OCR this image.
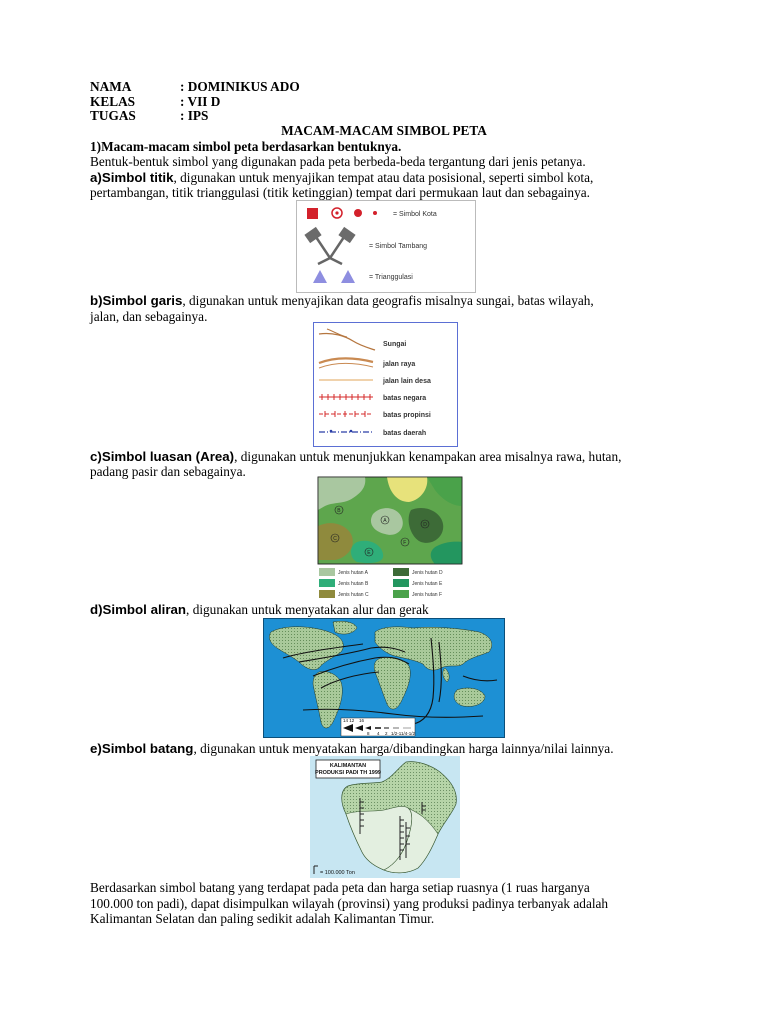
NAMA	: DOMINIKUS ADO
KELAS	: VII D
TUGAS	: IPS
MACAM-MACAM SIMBOL PETA
1)Macam-macam simbol peta berdasarkan bentuknya.
Bentuk-bentuk simbol yang digunakan pada peta berbeda-beda tergantung dari jenis petanya.
a)Simbol titik, digunakan untuk menyajikan tempat atau data posisional, seperti simbol kota,
pertambangan, titik trianggulasi (titik ketinggian) tempat dari permukaan laut dan sebagainya.
= Simbol Kota
= Simbol Tambang
= Trianggulasi
b)Simbol garis, digunakan untuk menyajikan data geografis misalnya sungai, batas wilayah,
jalan, dan sebagainya.
Sungai
jalan raya
jalan lain desa
batas negara
batas propinsi
batas daerah
c)Simbol luasan (Area), digunakan untuk menunjukkan kenampakan area misalnya rawa, hutan,
padang pasir dan sebagainya.
A
B
C
D
E
F
Jenis hutan A	Jenis hutan D
Jenis hutan B	Jenis hutan E
Jenis hutan C	Jenis hutan F
d)Simbol aliran, digunakan untuk menyatakan alur dan gerak
14 12 16
8 4 2 1/2-1 1/4-1/2
e)Simbol batang, digunakan untuk menyatakan harga/dibandingkan harga lainnya/nilai lainnya.
KALIMANTAN
PRODUKSI PADI TH 1999
= 100.000 Ton
Berdasarkan simbol batang yang terdapat pada peta dan harga setiap ruasnya (1 ruas harganya
100.000 ton padi), dapat disimpulkan wilayah (provinsi) yang produksi padinya terbanyak adalah
Kalimantan Selatan dan paling sedikit adalah Kalimantan Timur.
